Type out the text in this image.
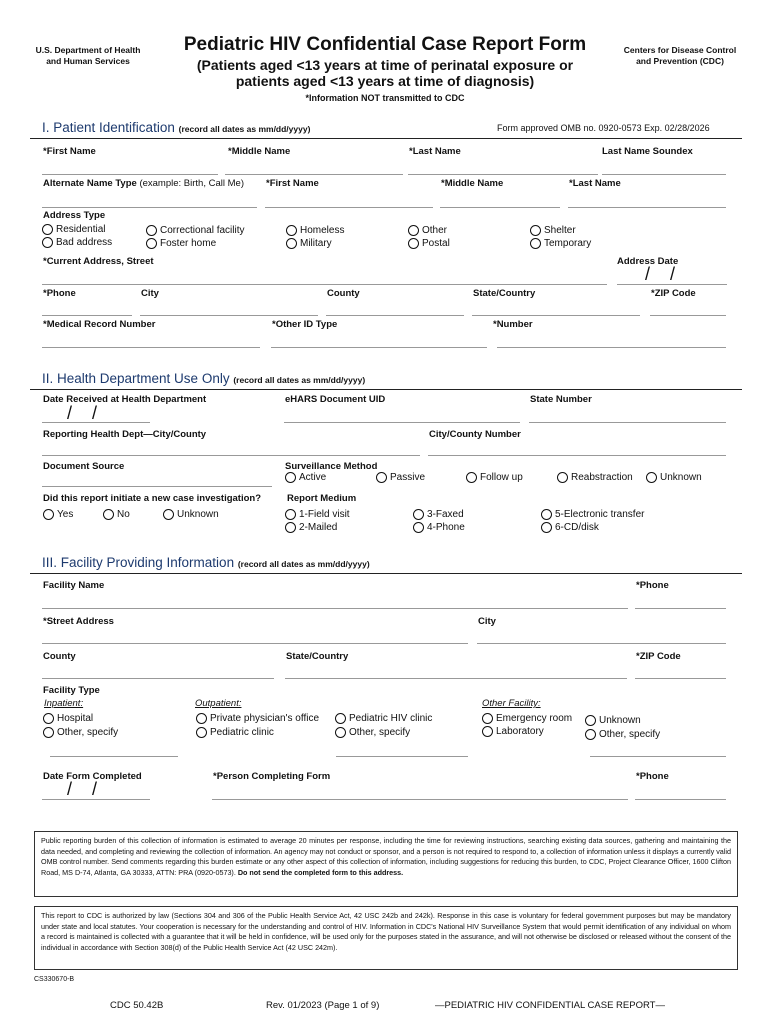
U.S. Department of Health
and Human Services
Pediatric HIV Confidential Case Report Form
(Patients aged <13 years at time of perinatal exposure or
patients aged <13 years at time of diagnosis)
Centers for Disease Control
and Prevention (CDC)
*Information NOT transmitted to CDC
I. Patient Identification (record all dates as mm/dd/yyyy)	Form approved OMB no. 0920-0573 Exp. 02/28/2026
*First Name	*Middle Name	*Last Name	Last Name Soundex
Alternate Name Type (example: Birth, Call Me) *First Name	*Middle Name	*Last Name
Address Type
Residential
Bad address
Correctional facility
Foster home
Homeless
Military
Other
Postal
Shelter
Temporary
*Current Address, Street	Address Date
/ /
*Phone	City	County	State/Country	*ZIP Code
*Medical Record Number	*Other ID Type	*Number
II. Health Department Use Only (record all dates as mm/dd/yyyy)
Date Received at Health Department	eHARS Document UID	State Number
/ /
Reporting Health Dept—City/County	City/County Number
Document Source	Surveillance Method
Active	Passive	Follow up	Reabstraction	Unknown
Did this report initiate a new case investigation?
Yes	No	Unknown
Report Medium
1-Field visit
2-Mailed
3-Faxed
4-Phone
5-Electronic transfer
6-CD/disk
III. Facility Providing Information (record all dates as mm/dd/yyyy)
Facility Name	*Phone
*Street Address	City
County	State/Country	*ZIP Code
Facility Type
Inpatient:	Outpatient:	Other Facility:
Hospital
Other, specify
Private physician's office
Pediatric clinic
Pediatric HIV clinic
Other, specify
Emergency room
Laboratory
Unknown
Other, specify
Date Form Completed	*Person Completing Form	*Phone
/ /
Public reporting burden of this collection of information is estimated to average 20 minutes per response, including the time for reviewing instructions, searching existing data sources, gathering and maintaining the data needed, and completing and reviewing the collection of information. An agency may not conduct or sponsor, and a person is not required to respond to, a collection of information unless it displays a currently valid OMB control number. Send comments regarding this burden estimate or any other aspect of this collection of information, including suggestions for reducing this burden, to CDC, Project Clearance Officer, 1600 Clifton Road, MS D-74, Atlanta, GA 30333, ATTN: PRA (0920-0573). Do not send the completed form to this address.
This report to CDC is authorized by law (Sections 304 and 306 of the Public Health Service Act, 42 USC 242b and 242k). Response in this case is voluntary for federal government purposes but may be mandatory under state and local statutes. Your cooperation is necessary for the understanding and control of HIV. Information in CDC's National HIV Surveillance System that would permit identification of any individual on whom a record is maintained is collected with a guarantee that it will be held in confidence, will be used only for the purposes stated in the assurance, and will not otherwise be disclosed or released without the consent of the individual in accordance with Section 308(d) of the Public Health Service Act (42 USC 242m).
CS330670-B
CDC 50.42B	Rev. 01/2023 (Page 1 of 9)	—PEDIATRIC HIV CONFIDENTIAL CASE REPORT—
